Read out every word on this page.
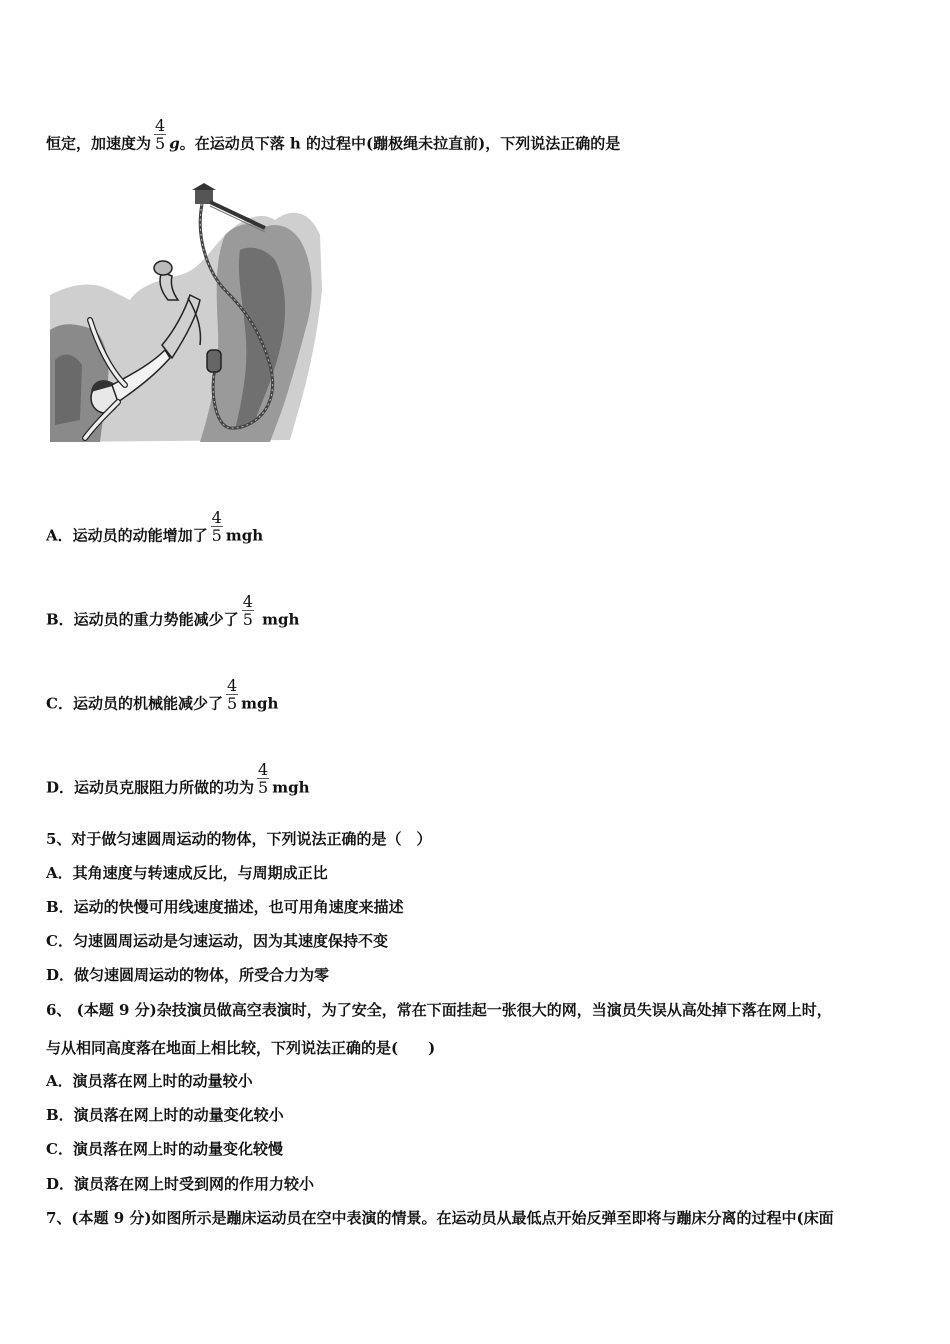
恒定，加速度为 $\frac{4}{5}$ g。在运动员下落 h 的过程中(蹦极绳未拉直前)，下列说法正确的是
A．运动员的动能增加了 $\frac{4}{5}$ mgh
B．运动员的重力势能减少了 $\frac{4}{5}$ mgh
C．运动员的机械能减少了 $\frac{4}{5}$ mgh
D．运动员克服阻力所做的功为 $\frac{4}{5}$ mgh
5、对于做匀速圆周运动的物体，下列说法正确的是（　）
A．其角速度与转速成反比，与周期成正比
B．运动的快慢可用线速度描述，也可用角速度来描述
C．匀速圆周运动是匀速运动，因为其速度保持不变
D．做匀速圆周运动的物体，所受合力为零
6、 (本题 9 分)杂技演员做高空表演时，为了安全，常在下面挂起一张很大的网，当演员失误从高处掉下落在网上时，
与从相同高度落在地面上相比较，下列说法正确的是(　　)
A．演员落在网上时的动量较小
B．演员落在网上时的动量变化较小
C．演员落在网上时的动量变化较慢
D．演员落在网上时受到网的作用力较小
7、(本题 9 分)如图所示是蹦床运动员在空中表演的情景。在运动员从最低点开始反弹至即将与蹦床分离的过程中(床面
